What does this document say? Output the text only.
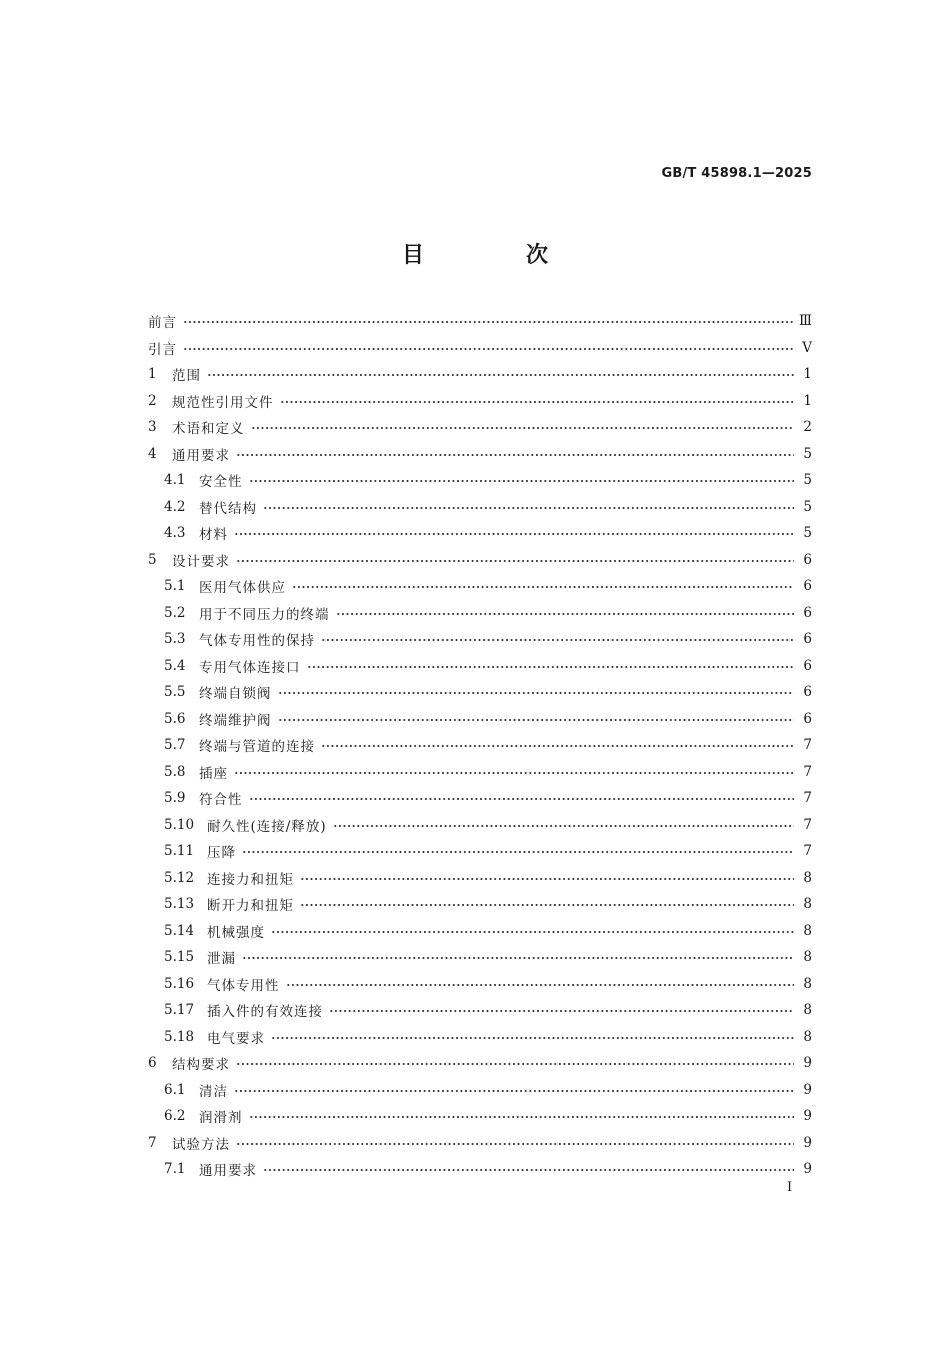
GB/T 45898.1—2025
目　次
前言	Ⅲ
引言	Ⅴ
1	范围	1
2	规范性引用文件	1
3	术语和定义	2
4	通用要求	5
4.1	安全性	5
4.2	替代结构	5
4.3	材料	5
5	设计要求	6
5.1	医用气体供应	6
5.2	用于不同压力的终端	6
5.3	气体专用性的保持	6
5.4	专用气体连接口	6
5.5	终端自锁阀	6
5.6	终端维护阀	6
5.7	终端与管道的连接	7
5.8	插座	7
5.9	符合性	7
5.10 耐久性(连接/释放)	7
5.11 压降	7
5.12 连接力和扭矩	8
5.13 断开力和扭矩	8
5.14 机械强度	8
5.15 泄漏	8
5.16 气体专用性	8
5.17 插入件的有效连接	8
5.18 电气要求	8
6	结构要求	9
6.1	清洁	9
6.2	润滑剂	9
7	试验方法	9
7.1	通用要求	9
Ⅰ
